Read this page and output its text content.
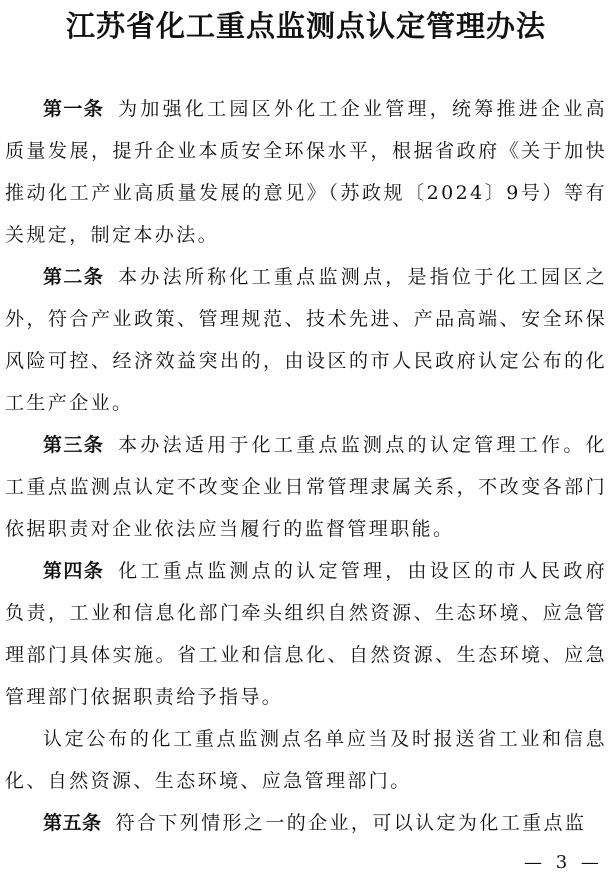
江苏省化工重点监测点认定管理办法

第一条 为加强化工园区外化工企业管理，统筹推进企业高质量发展，提升企业本质安全环保水平，根据省政府《关于加快推动化工产业高质量发展的意见》（苏政规〔2024〕9号）等有关规定，制定本办法。

第二条 本办法所称化工重点监测点，是指位于化工园区之外，符合产业政策、管理规范、技术先进、产品高端、安全环保风险可控、经济效益突出的，由设区的市人民政府认定公布的化工生产企业。

第三条 本办法适用于化工重点监测点的认定管理工作。化工重点监测点认定不改变企业日常管理隶属关系，不改变各部门依据职责对企业依法应当履行的监督管理职能。

第四条 化工重点监测点的认定管理，由设区的市人民政府负责，工业和信息化部门牵头组织自然资源、生态环境、应急管理部门具体实施。省工业和信息化、自然资源、生态环境、应急管理部门依据职责给予指导。

认定公布的化工重点监测点名单应当及时报送省工业和信息化、自然资源、生态环境、应急管理部门。

第五条 符合下列情形之一的企业，可以认定为化工重点监

— 3 —
